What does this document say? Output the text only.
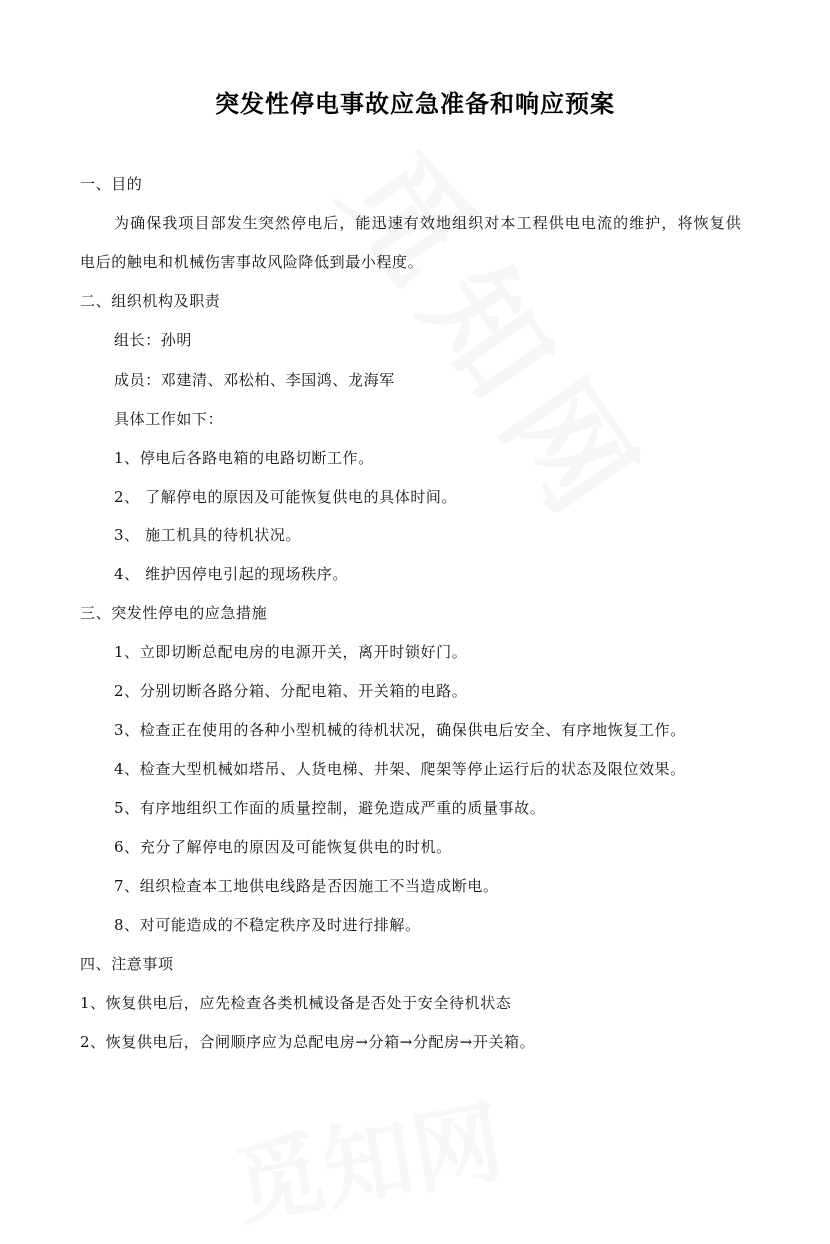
突发性停电事故应急准备和响应预案
一、目的
为确保我项目部发生突然停电后，能迅速有效地组织对本工程供电电流的维护，将恢复供
电后的触电和机械伤害事故风险降低到最小程度。
二、组织机构及职责
组长：孙明
成员：邓建清、邓松柏、李国鸿、龙海军
具体工作如下：
1、停电后各路电箱的电路切断工作。
2、 了解停电的原因及可能恢复供电的具体时间。
3、 施工机具的待机状况。
4、 维护因停电引起的现场秩序。
三、突发性停电的应急措施
1、立即切断总配电房的电源开关，离开时锁好门。
2、分别切断各路分箱、分配电箱、开关箱的电路。
3、检查正在使用的各种小型机械的待机状况，确保供电后安全、有序地恢复工作。
4、检查大型机械如塔吊、人货电梯、井架、爬架等停止运行后的状态及限位效果。
5、有序地组织工作面的质量控制，避免造成严重的质量事故。
6、充分了解停电的原因及可能恢复供电的时机。
7、组织检查本工地供电线路是否因施工不当造成断电。
8、对可能造成的不稳定秩序及时进行排解。
四、注意事项
1、恢复供电后，应先检查各类机械设备是否处于安全待机状态
2、恢复供电后，合闸顺序应为总配电房→分箱→分配房→开关箱。
